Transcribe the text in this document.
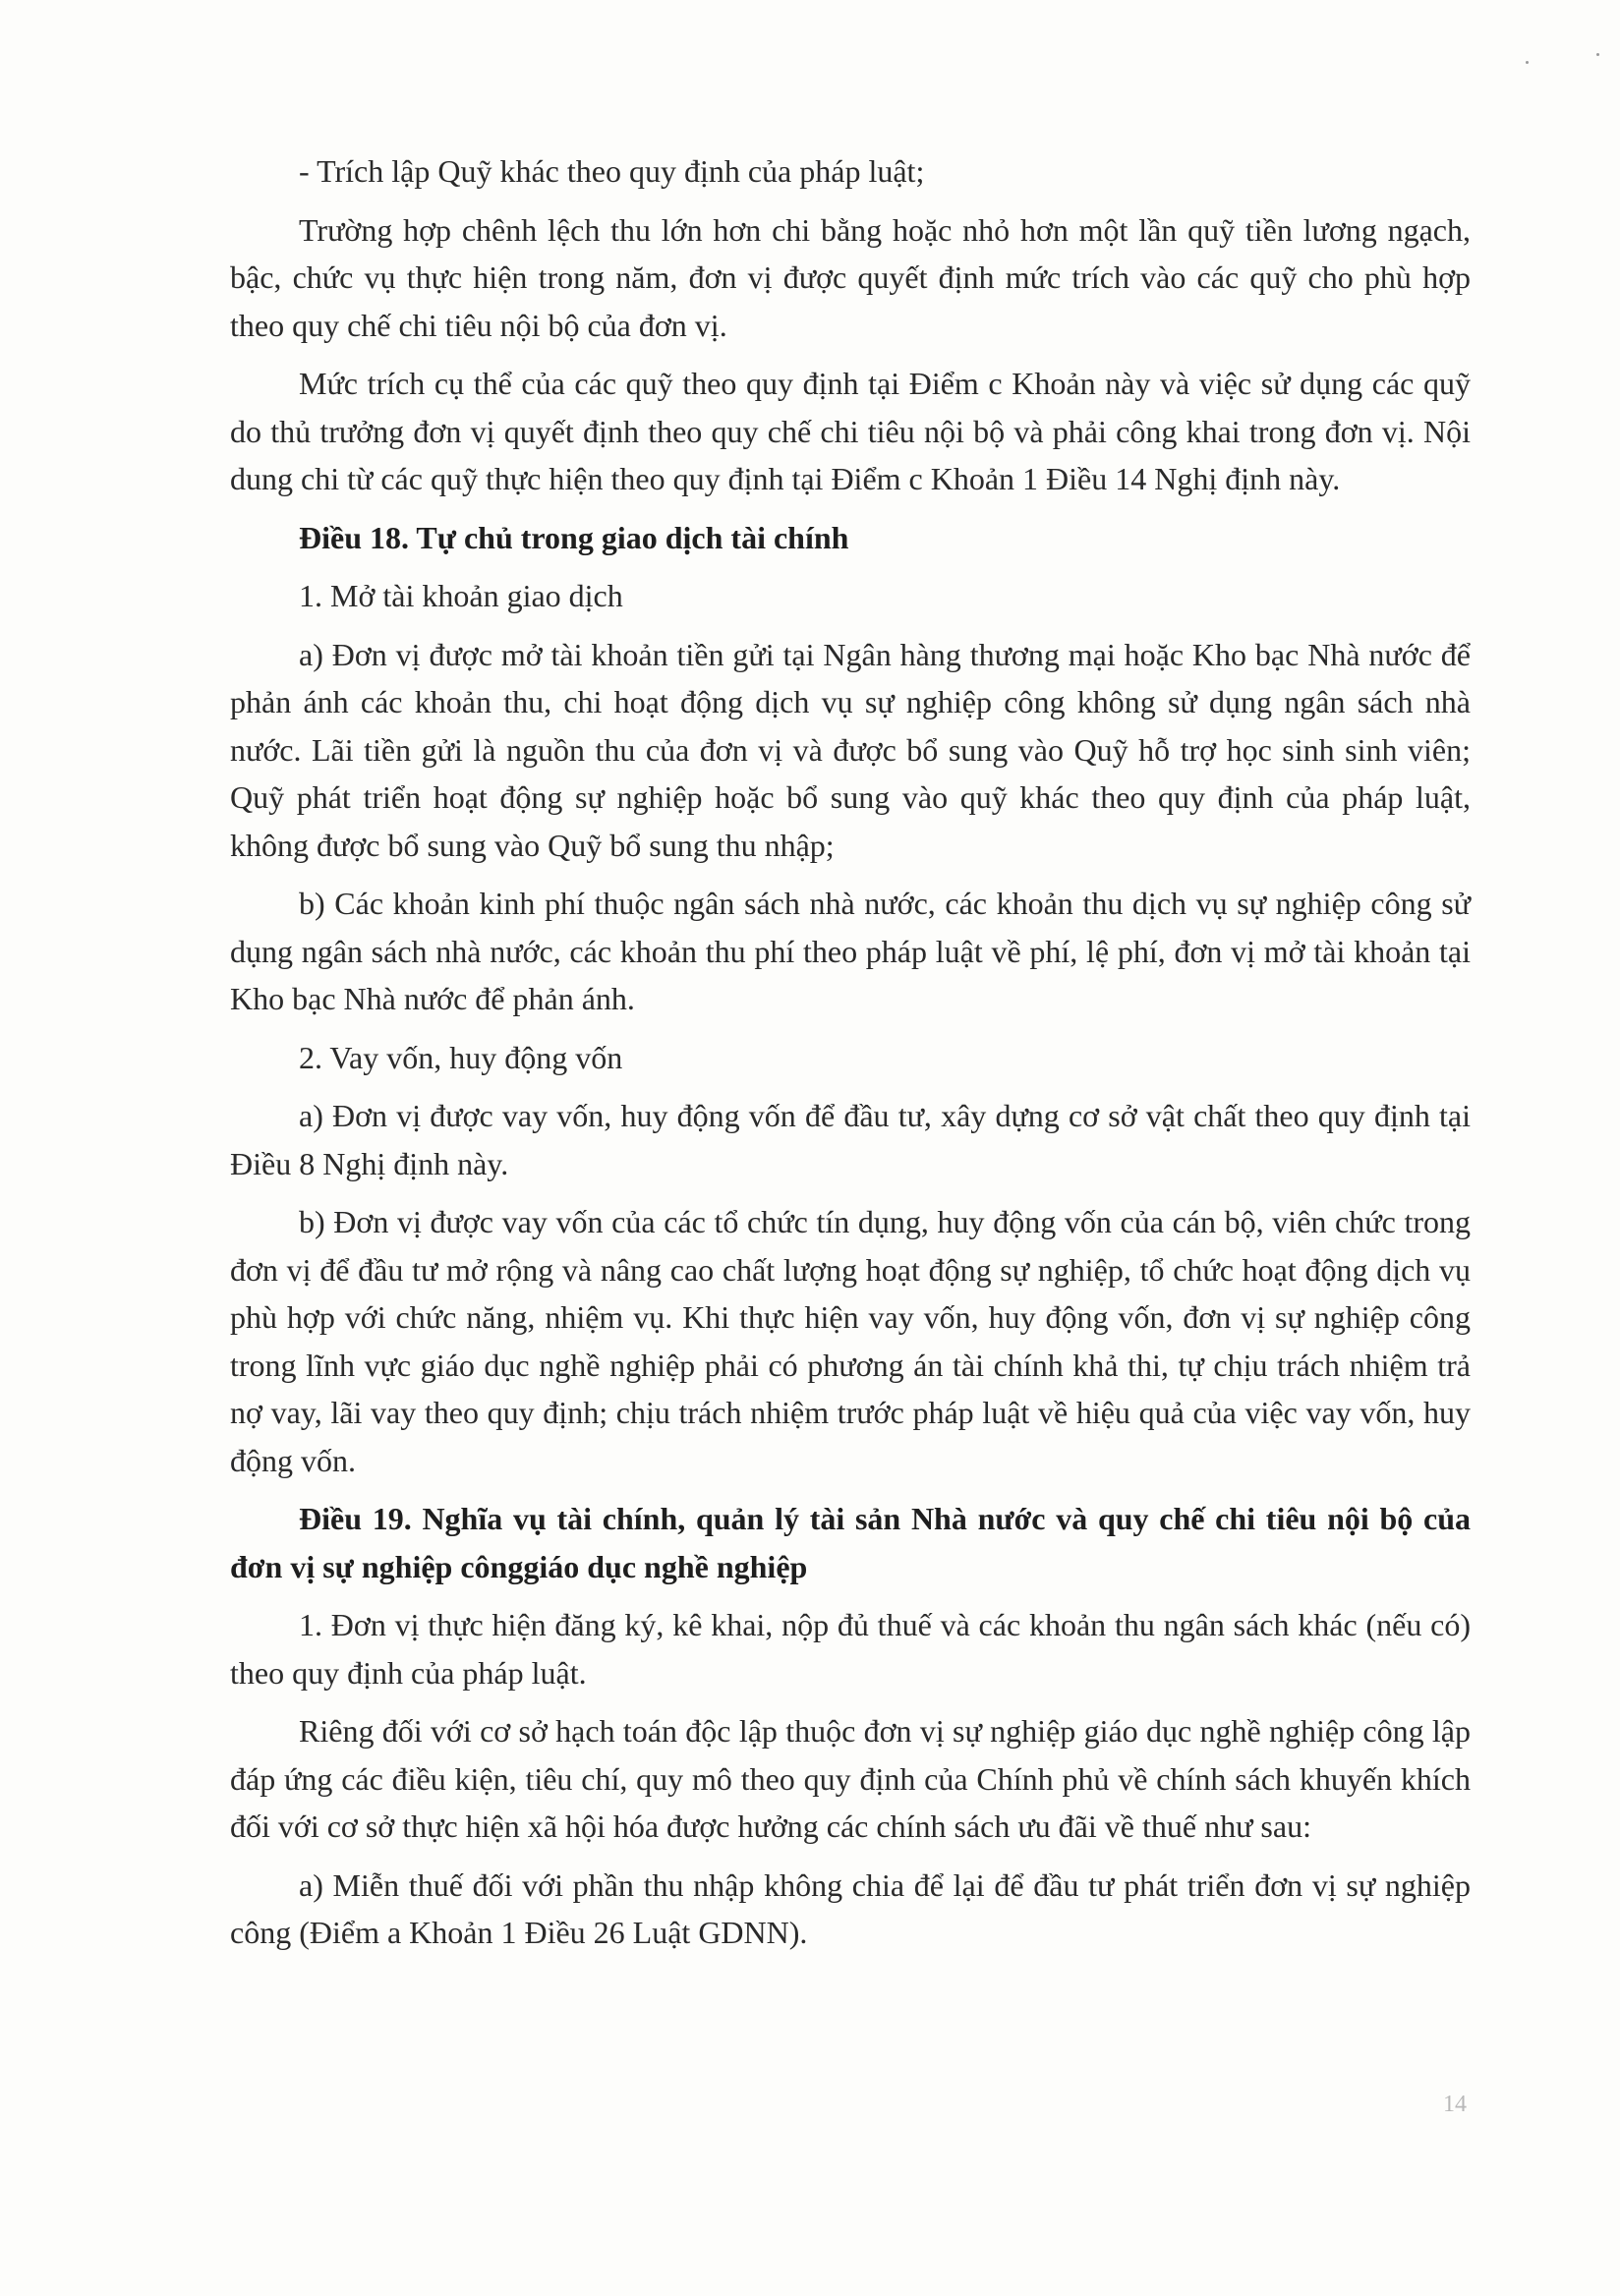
- Trích lập Quỹ khác theo quy định của pháp luật;

Trường hợp chênh lệch thu lớn hơn chi bằng hoặc nhỏ hơn một lần quỹ tiền lương ngạch, bậc, chức vụ thực hiện trong năm, đơn vị được quyết định mức trích vào các quỹ cho phù hợp theo quy chế chi tiêu nội bộ của đơn vị.

Mức trích cụ thể của các quỹ theo quy định tại Điểm c Khoản này và việc sử dụng các quỹ do thủ trưởng đơn vị quyết định theo quy chế chi tiêu nội bộ và phải công khai trong đơn vị. Nội dung chi từ các quỹ thực hiện theo quy định tại Điểm c Khoản 1 Điều 14 Nghị định này.

Điều 18. Tự chủ trong giao dịch tài chính

1. Mở tài khoản giao dịch

a) Đơn vị được mở tài khoản tiền gửi tại Ngân hàng thương mại hoặc Kho bạc Nhà nước để phản ánh các khoản thu, chi hoạt động dịch vụ sự nghiệp công không sử dụng ngân sách nhà nước. Lãi tiền gửi là nguồn thu của đơn vị và được bổ sung vào Quỹ hỗ trợ học sinh sinh viên; Quỹ phát triển hoạt động sự nghiệp hoặc bổ sung vào quỹ khác theo quy định của pháp luật, không được bổ sung vào Quỹ bổ sung thu nhập;

b) Các khoản kinh phí thuộc ngân sách nhà nước, các khoản thu dịch vụ sự nghiệp công sử dụng ngân sách nhà nước, các khoản thu phí theo pháp luật về phí, lệ phí, đơn vị mở tài khoản tại Kho bạc Nhà nước để phản ánh.

2. Vay vốn, huy động vốn

a) Đơn vị được vay vốn, huy động vốn để đầu tư, xây dựng cơ sở vật chất theo quy định tại Điều 8 Nghị định này.

b) Đơn vị được vay vốn của các tổ chức tín dụng, huy động vốn của cán bộ, viên chức trong đơn vị để đầu tư mở rộng và nâng cao chất lượng hoạt động sự nghiệp, tổ chức hoạt động dịch vụ phù hợp với chức năng, nhiệm vụ. Khi thực hiện vay vốn, huy động vốn, đơn vị sự nghiệp công trong lĩnh vực giáo dục nghề nghiệp phải có phương án tài chính khả thi, tự chịu trách nhiệm trả nợ vay, lãi vay theo quy định; chịu trách nhiệm trước pháp luật về hiệu quả của việc vay vốn, huy động vốn.

Điều 19. Nghĩa vụ tài chính, quản lý tài sản Nhà nước và quy chế chi tiêu nội bộ của đơn vị sự nghiệp cônggiáo dục nghề nghiệp

1. Đơn vị thực hiện đăng ký, kê khai, nộp đủ thuế và các khoản thu ngân sách khác (nếu có) theo quy định của pháp luật.

Riêng đối với cơ sở hạch toán độc lập thuộc đơn vị sự nghiệp giáo dục nghề nghiệp công lập đáp ứng các điều kiện, tiêu chí, quy mô theo quy định của Chính phủ về chính sách khuyến khích đối với cơ sở thực hiện xã hội hóa được hưởng các chính sách ưu đãi về thuế như sau:

a) Miễn thuế đối với phần thu nhập không chia để lại để đầu tư phát triển đơn vị sự nghiệp công (Điểm a Khoản 1 Điều 26 Luật GDNN).

14
